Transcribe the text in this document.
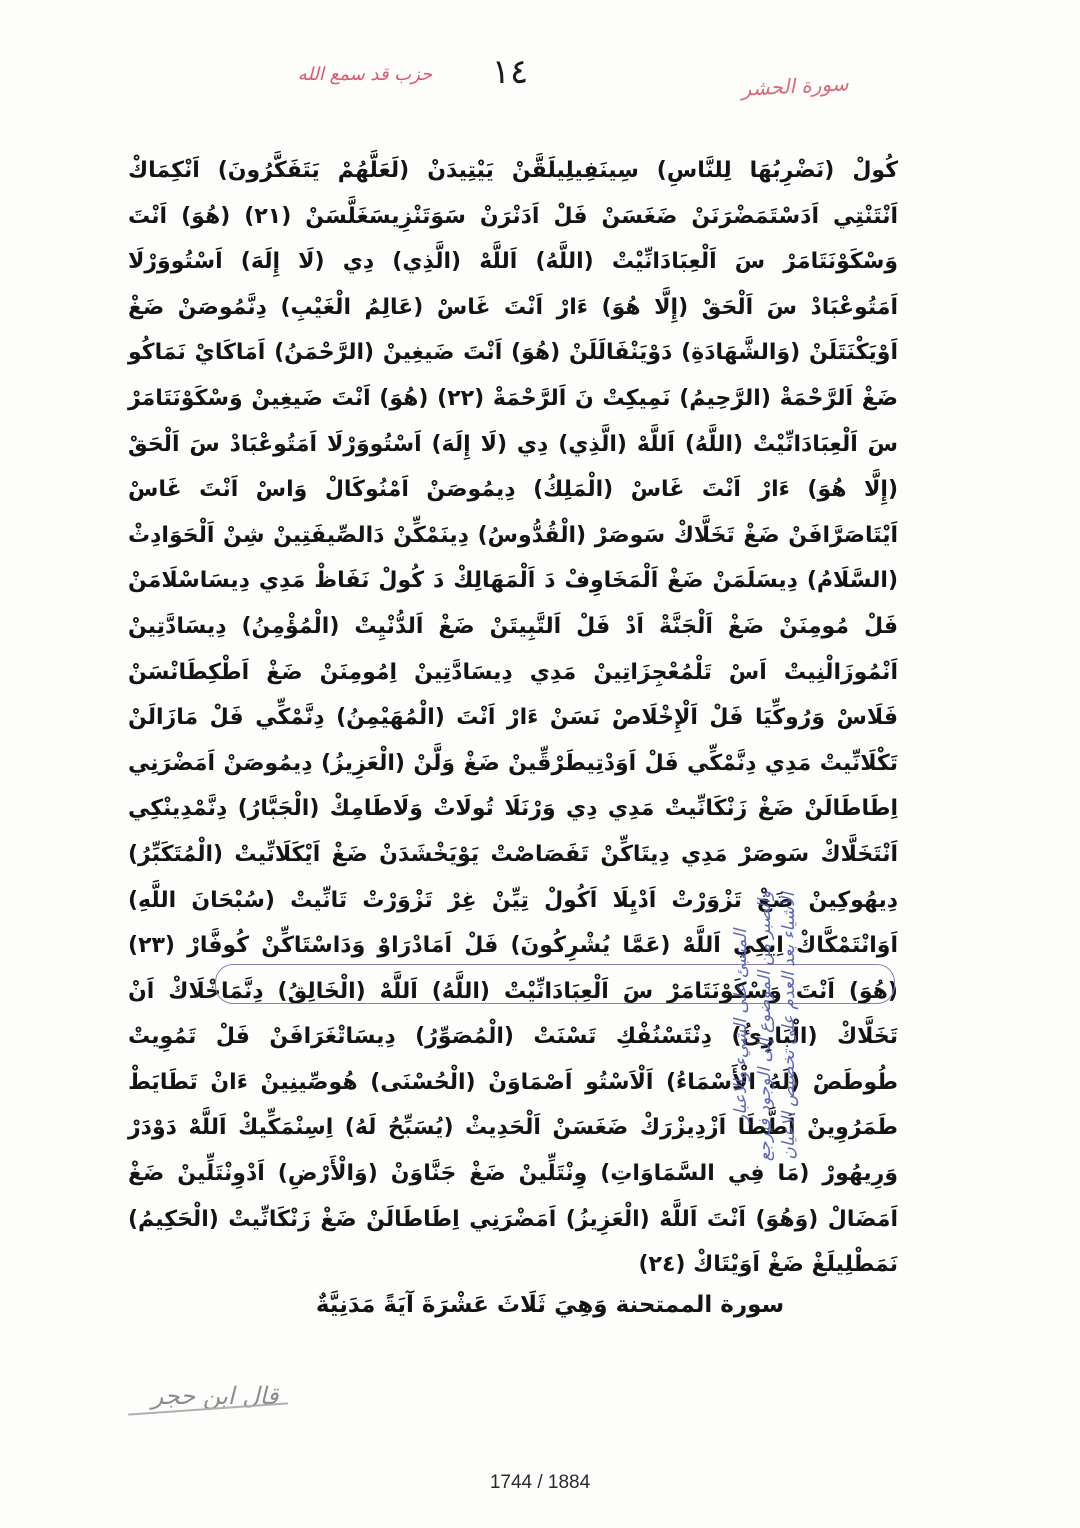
حزب قد سمع الله	١٤	سورة الحشر
كُولْ (نَضْرِبُهَا لِلنَّاسِ) سِينَفِيلِيلَقَّنْ يَيْتِيدَنْ (لَعَلَّهُمْ يَتَفَكَّرُونَ) اَنْكِمَاكْ اَنْتَنْتِي اَدَسْتَمَضْرَنَنْ ضَغَسَنْ فَلْ اَدَنْرَنْ سَوَتَنْزِيسَغَلَّسَنْ (٢١) (هُوَ) اَنْتَ وَسْكَوْنَتَامَرْ سَ اَلْعِبَادَانِّيْتْ (اللَّهُ) اَللَّهْ (الَّذِي) دِي (لَا إِلَهَ) اَسْتُووَرْلَا اَمَتُوعْبَادْ سَ اَلْحَقْ (إِلَّا هُوَ) ءَارْ اَنْتَ غَاسْ (عَالِمُ الْغَيْبِ) دِنَّمُوصَنْ ضَغْ اَوْيَكْنَتَلَنْ (وَالشَّهَادَةِ) دَوْيَنْفَالَلَنْ (هُوَ) اَنْتَ ضَيغِينْ (الرَّحْمَنُ) اَمَاكَايْ نَمَاكُو ضَغْ اَلرَّحْمَةْ (الرَّحِيمُ) نَمِيكِتْ نَ اَلرَّحْمَةْ (٢٢) (هُوَ) اَنْتَ ضَيغِينْ وَسْكَوْنَتَامَرْ سَ اَلْعِبَادَانِّيْتْ (اللَّهُ) اَللَّهْ (الَّذِي) دِي (لَا إِلَهَ) اَسْتُووَرْلَا اَمَتُوعْبَادْ سَ اَلْحَقْ (إِلَّا هُوَ) ءَارْ اَنْتَ غَاسْ (الْمَلِكُ) دِيمُوصَنْ اَمْنُوكَالْ وَاسْ اَنْتَ غَاسْ اَيْتَاصَرَّافَنْ ضَغْ تَخَلَّاكْ سَوصَرْ (الْقُدُّوسُ) دِينَمْكِّنْ دَالصِّيفَتِينْ شِنْ اَلْحَوَادِثْ (السَّلَامُ) دِيسَلَمَنْ ضَغْ اَلْمَخَاوِفْ دَ اَلْمَهَالِكْ دَ كُولْ نَفَاظْ مَدِي دِيسَاسْلَامَنْ فَلْ مُومِنَنْ ضَغْ اَلْجَنَّةْ اَدْ فَلْ اَلتَّبِيتَنْ ضَغْ اَلدُّنْيِتْ (الْمُؤْمِنُ) دِيسَادَّتِينْ اَنْمُوزَالْنِيتْ اَسْ تَلْمُعْجِزَاتِينْ مَدِي دِيسَادَّتِينْ اِمُومِنَنْ ضَغْ اَطْكِطَانْسَنْ فَلَاسْ وَرُوكِّيَا فَلْ اَلْإِخْلَاصْ نَسَنْ ءَارْ اَنْتَ (الْمُهَيْمِنُ) دِنَّمْكِّي فَلْ مَازَالَنْ تَكْلَانِّيتْ مَدِي دِنَّمْكِّي فَلْ اَوَدْتِيطَرْقِّينْ ضَغْ وَلَّنْ (الْعَزِيزُ) دِيمُوصَنْ اَمَضْرَنِي اِطَاطَالَنْ ضَغْ زَنْكَانِّيتْ مَدِي دِي وَرْنَلَا تُولَاتْ وَلَاطَامِكْ (الْجَبَّارُ) دِنَّمْدِينْكِي اَنْتَخَلَّاكْ سَوصَرْ مَدِي دِيتَاكِّنْ تَفَصَاصْتْ يَوْيَخْشَدَنْ ضَغْ اَيْكَلَانِّيتْ (الْمُتَكَبِّرُ) دِيهُوكِينْ ضَغْ تَزْوَرْتْ اَدْيِلَا اَكُولْ تِيِّنْ غِرْ تَزْوَرْتْ تَانِّيتْ (سُبْحَانَ اللَّهِ) اَوَانْتَمْكَّاكْ اِيكِي اَللَّهْ (عَمَّا يُشْرِكُونَ) فَلْ اَمَادْرَاوْ وَدَاسْتَاكِّنْ كُوفَّارْ (٢٣) (هُوَ) اَنْتَ وَسْكَوْنَتَامَرْ سَ اَلْعِبَادَانِّيْتْ (اللَّهُ) اَللَّهْ (الْخَالِقُ) دِنَّمَاخْلَاكْ اَنْ تَخَلَّاكْ (الْبَارِئُ) دِنْتَسْنُفْكِ تَسْنَتْ (الْمُصَوِّرُ) دِيسَاتْغَرَافَنْ فَلْ تَمُوِيتْ طُوطَصْ (لَهُ الْأَسْمَاءُ) اَلْاَسْتُو اَصْمَاوَنْ (الْحُسْنَى) هُوصِّينِينْ ءَانْ تَطَايَطْ طَمَرُوِينْ اَطَّطَا اَزْدِيزْرَكْ ضَغَسَنْ اَلْحَدِيثْ (يُسَبِّحُ لَهُ) اِسِنْمَكِّيكْ اَللَّهْ دَوْدَرْ وَرِيهُورْ (مَا فِي السَّمَاوَاتِ) وِنْتَلِّينْ ضَغْ جَنَّاوَنْ (وَالْأَرْضِ) اَدْوِنْتَلِّينْ ضَغْ اَمَضَالْ (وَهُوَ) اَنْتَ اَللَّهْ (الْعَزِيزُ) اَمَضْرَنِي اِطَاطَالَنْ ضَغْ زَنْكَانِّيتْ (الْحَكِيمُ) نَمَطْلِيلَغْ ضَغْ اَوَيْتَاكْ (٢٤)
المتنبئ على الشيء والاعبار والصبر من الموضوع إلى الوجود فيرجع الأشياء بعد العدم على تخصيص الاعيان
سورة الممتحنة وَهِيَ ثَلَاثَ عَشْرَةَ آيَةً مَدَنِيَّةٌ
قال ابن حجر
1744 / 1884
